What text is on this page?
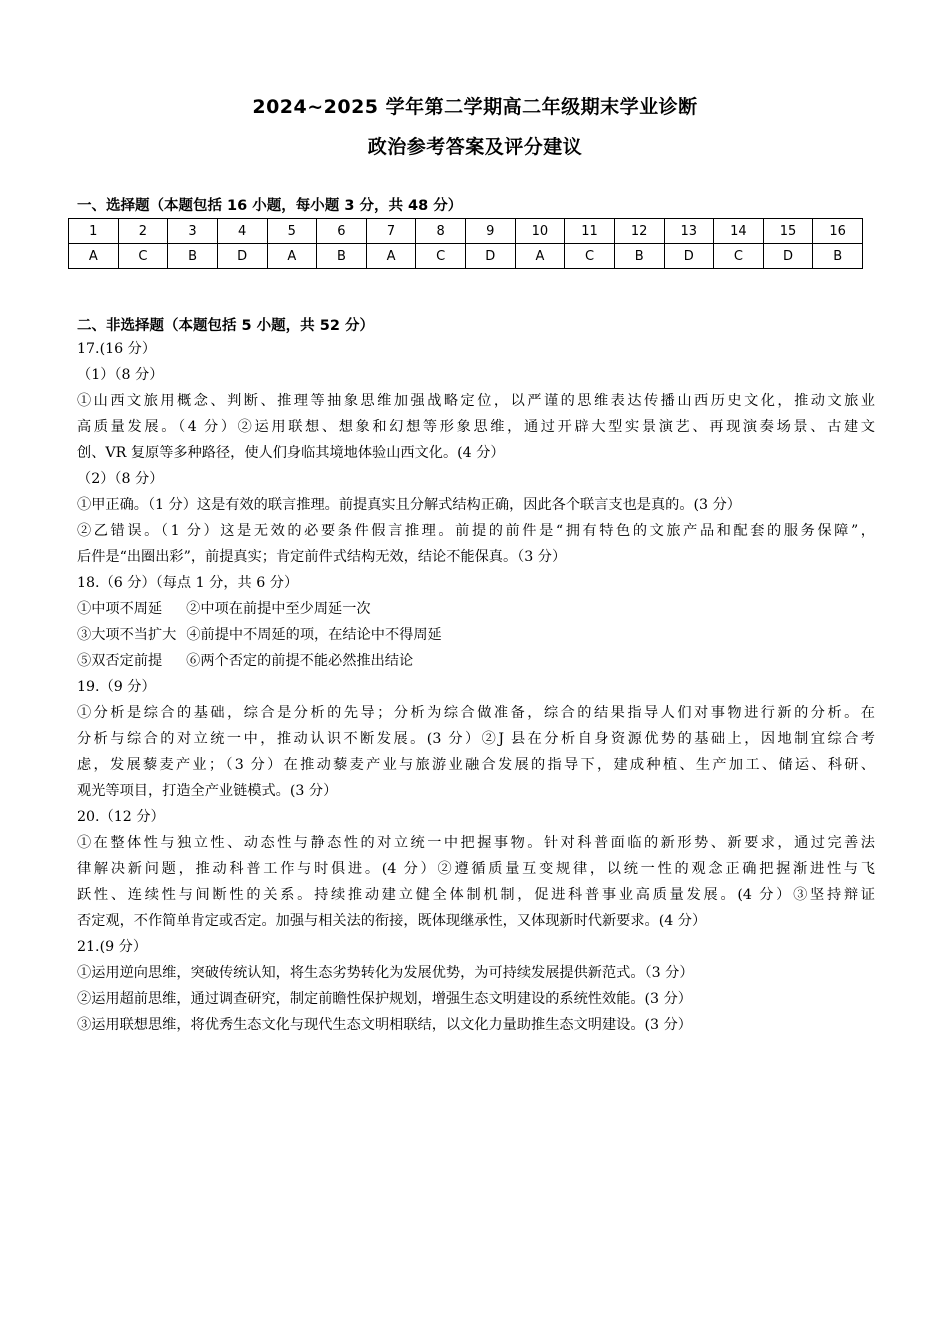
2024~2025 学年第二学期高二年级期末学业诊断
政治参考答案及评分建议
一、选择题（本题包括 16 小题，每小题 3 分，共 48 分）
1	2	3	4	5	6	7	8	9	10	11	12	13	14	15	16
A	C	B	D	A	B	A	C	D	A	C	B	D	C	D	B
二、非选择题（本题包括 5 小题，共 52 分）
17.(16 分）
（1）（8 分）
①山西文旅用概念、判断、推理等抽象思维加强战略定位，以严谨的思维表达传播山西历史文化，推动文旅业
高质量发展。（4 分）②运用联想、想象和幻想等形象思维，通过开辟大型实景演艺、再现演奏场景、古建文
创、VR 复原等多种路径，使人们身临其境地体验山西文化。(4 分）
（2）（8 分）
①甲正确。（1 分）这是有效的联言推理。前提真实且分解式结构正确，因此各个联言支也是真的。(3 分）
②乙错误。（1 分）这是无效的必要条件假言推理。前提的前件是“拥有特色的文旅产品和配套的服务保障”，
后件是“出圈出彩”，前提真实；肯定前件式结构无效，结论不能保真。（3 分）
18.（6 分）（每点 1 分，共 6 分）
①中项不周延 ②中项在前提中至少周延一次
③大项不当扩大 ④前提中不周延的项，在结论中不得周延
⑤双否定前提 ⑥两个否定的前提不能必然推出结论
19.（9 分）
①分析是综合的基础，综合是分析的先导；分析为综合做准备，综合的结果指导人们对事物进行新的分析。在
分析与综合的对立统一中，推动认识不断发展。(3 分）②J 县在分析自身资源优势的基础上，因地制宜综合考
虑，发展藜麦产业；（3 分）在推动藜麦产业与旅游业融合发展的指导下，建成种植、生产加工、储运、科研、
观光等项目，打造全产业链模式。(3 分）
20.（12 分）
①在整体性与独立性、动态性与静态性的对立统一中把握事物。针对科普面临的新形势、新要求，通过完善法
律解决新问题，推动科普工作与时俱进。(4 分）②遵循质量互变规律，以统一性的观念正确把握渐进性与飞
跃性、连续性与间断性的关系。持续推动建立健全体制机制，促进科普事业高质量发展。(4 分）③坚持辩证
否定观，不作简单肯定或否定。加强与相关法的衔接，既体现继承性，又体现新时代新要求。(4 分）
21.(9 分）
①运用逆向思维，突破传统认知，将生态劣势转化为发展优势，为可持续发展提供新范式。（3 分）
②运用超前思维，通过调查研究，制定前瞻性保护规划，增强生态文明建设的系统性效能。(3 分）
③运用联想思维，将优秀生态文化与现代生态文明相联结，以文化力量助推生态文明建设。(3 分）
